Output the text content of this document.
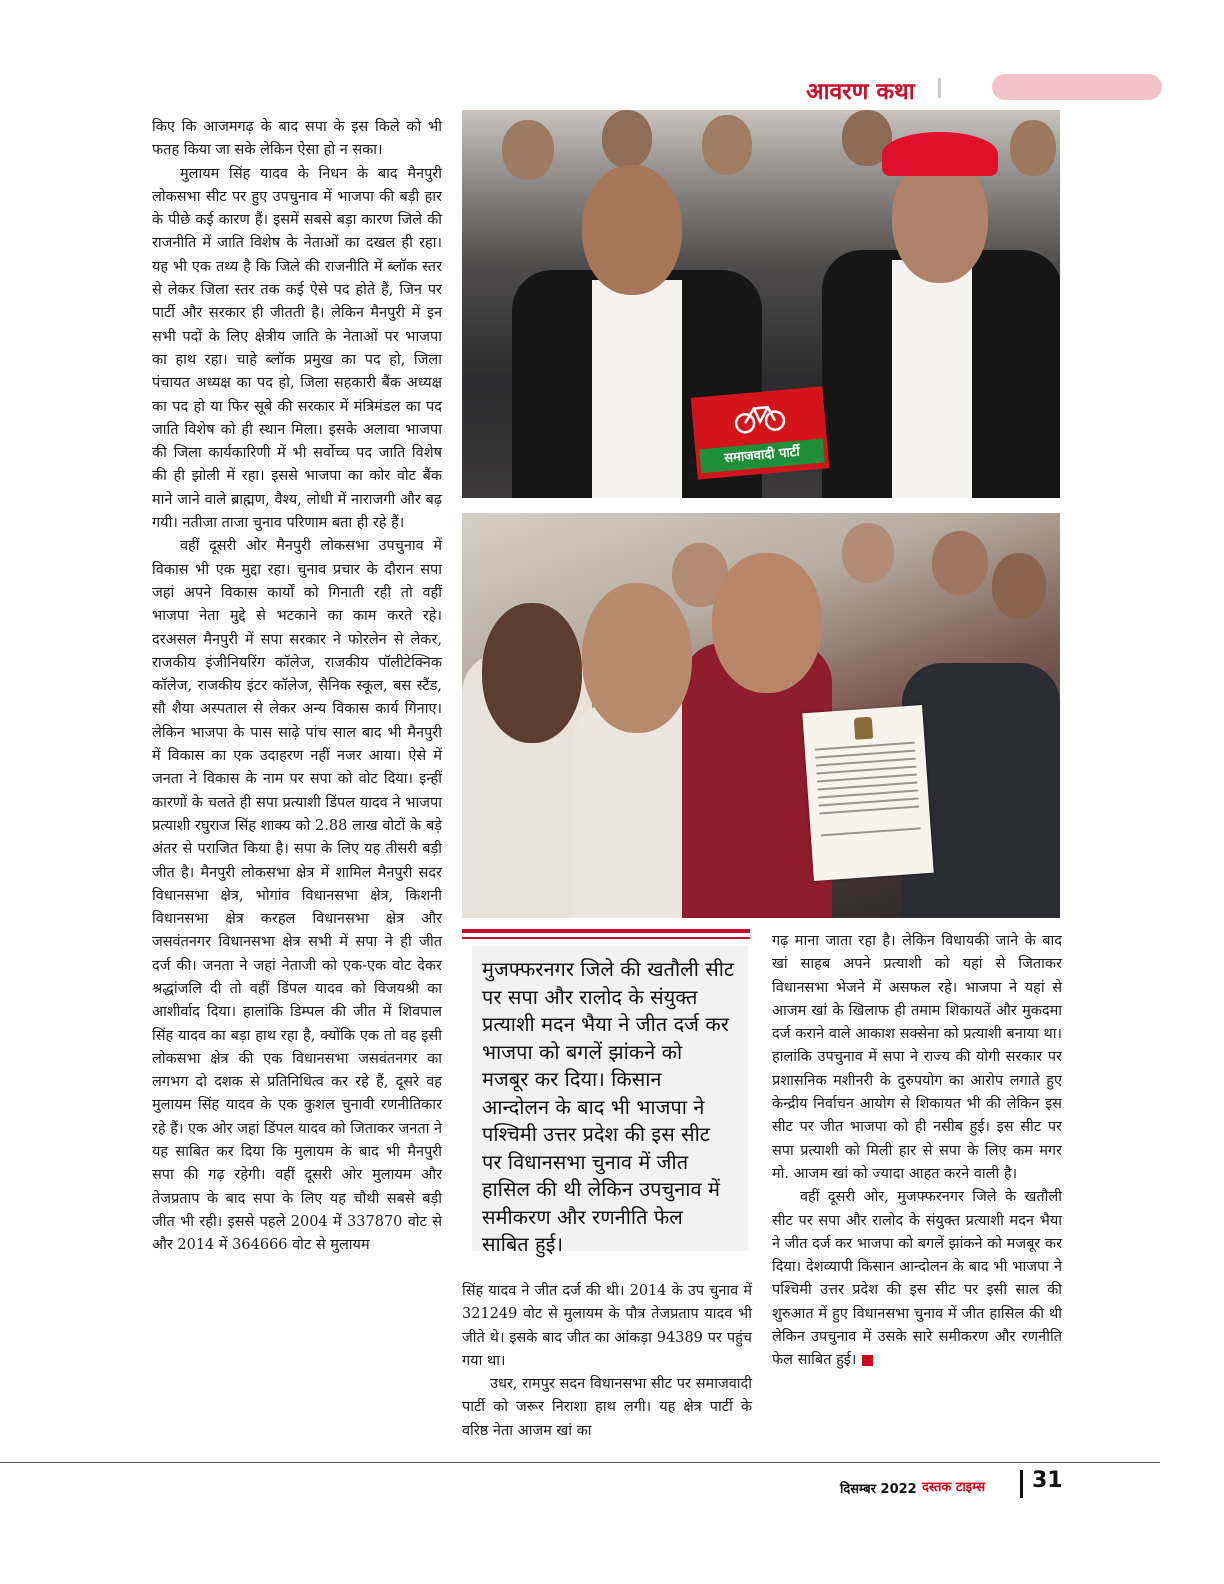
आवरण कथा

किए कि आजमगढ़ के बाद सपा के इस किले को भी फतह किया जा सके लेकिन ऐसा हो न सका।

मुलायम सिंह यादव के निधन के बाद मैनपुरी लोकसभा सीट पर हुए उपचुनाव में भाजपा की बड़ी हार के पीछे कई कारण हैं। इसमें सबसे बड़ा कारण जिले की राजनीति में जाति विशेष के नेताओं का दखल ही रहा। यह भी एक तथ्य है कि जिले की राजनीति में ब्लॉक स्तर से लेकर जिला स्तर तक कई ऐसे पद होते हैं, जिन पर पार्टी और सरकार ही जीतती है। लेकिन मैनपुरी में इन सभी पदों के लिए क्षेत्रीय जाति के नेताओं पर भाजपा का हाथ रहा। चाहे ब्लॉक प्रमुख का पद हो, जिला पंचायत अध्यक्ष का पद हो, जिला सहकारी बैंक अध्यक्ष का पद हो या फिर सूबे की सरकार में मंत्रिमंडल का पद जाति विशेष को ही स्थान मिला। इसके अलावा भाजपा की जिला कार्यकारिणी में भी सर्वोच्च पद जाति विशेष की ही झोली में रहा। इससे भाजपा का कोर वोट बैंक माने जाने वाले ब्राह्मण, वैश्य, लोधी में नाराजगी और बढ़ गयी। नतीजा ताजा चुनाव परिणाम बता ही रहे हैं।

वहीं दूसरी ओर मैनपुरी लोकसभा उपचुनाव में विकास भी एक मुद्दा रहा। चुनाव प्रचार के दौरान सपा जहां अपने विकास कार्यों को गिनाती रही तो वहीं भाजपा नेता मुद्दे से भटकाने का काम करते रहे। दरअसल मैनपुरी में सपा सरकार ने फोरलेन से लेकर, राजकीय इंजीनियरिंग कॉलेज, राजकीय पॉलीटेक्निक कॉलेज, राजकीय इंटर कॉलेज, सैनिक स्कूल, बस स्टैंड, सौ शैया अस्पताल से लेकर अन्य विकास कार्य गिनाए। लेकिन भाजपा के पास साढ़े पांच साल बाद भी मैनपुरी में विकास का एक उदाहरण नहीं नजर आया। ऐसे में जनता ने विकास के नाम पर सपा को वोट दिया। इन्हीं कारणों के चलते ही सपा प्रत्याशी डिंपल यादव ने भाजपा प्रत्याशी रघुराज सिंह शाक्य को 2.88 लाख वोटों के बड़े अंतर से पराजित किया है। सपा के लिए यह तीसरी बड़ी जीत है। मैनपुरी लोकसभा क्षेत्र में शामिल मैनपुरी सदर विधानसभा क्षेत्र, भोगांव विधानसभा क्षेत्र, किशनी विधानसभा क्षेत्र करहल विधानसभा क्षेत्र और जसवंतनगर विधानसभा क्षेत्र सभी में सपा ने ही जीत दर्ज की। जनता ने जहां नेताजी को एक-एक वोट देकर श्रद्धांजलि दी तो वहीं डिंपल यादव को विजयश्री का आशीर्वाद दिया। हालांकि डिम्पल की जीत में शिवपाल सिंह यादव का बड़ा हाथ रहा है, क्योंकि एक तो वह इसी लोकसभा क्षेत्र की एक विधानसभा जसवंतनगर का लगभग दो दशक से प्रतिनिधित्व कर रहे हैं, दूसरे वह मुलायम सिंह यादव के एक कुशल चुनावी रणनीतिकार रहे हैं। एक ओर जहां डिंपल यादव को जिताकर जनता ने यह साबित कर दिया कि मुलायम के बाद भी मैनपुरी सपा की गढ़ रहेगी। वहीं दूसरी ओर मुलायम और तेजप्रताप के बाद सपा के लिए यह चौथी सबसे बड़ी जीत भी रही। इससे पहले 2004 में 337870 वोट से और 2014 में 364666 वोट से मुलायम

समाजवादी पार्टी
मुजफ्फरनगर जिले की खतौली सीट पर सपा और रालोद के संयुक्त प्रत्याशी मदन भैया ने जीत दर्ज कर भाजपा को बगलें झांकने को मजबूर कर दिया। किसान आन्दोलन के बाद भी भाजपा ने पश्चिमी उत्तर प्रदेश की इस सीट पर विधानसभा चुनाव में जीत हासिल की थी लेकिन उपचुनाव में समीकरण और रणनीति फेल साबित हुई।

सिंह यादव ने जीत दर्ज की थी। 2014 के उप चुनाव में 321249 वोट से मुलायम के पौत्र तेजप्रताप यादव भी जीते थे। इसके बाद जीत का आंकड़ा 94389 पर पहुंच गया था।

उधर, रामपुर सदन विधानसभा सीट पर समाजवादी पार्टी को जरूर निराशा हाथ लगी। यह क्षेत्र पार्टी के वरिष्ठ नेता आजम खां का

गढ़ माना जाता रहा है। लेकिन विधायकी जाने के बाद खां साहब अपने प्रत्याशी को यहां से जिताकर विधानसभा भेजने में असफल रहे। भाजपा ने यहां से आजम खां के खिलाफ ही तमाम शिकायतें और मुकदमा दर्ज कराने वाले आकाश सक्सेना को प्रत्याशी बनाया था। हालांकि उपचुनाव में सपा ने राज्य की योगी सरकार पर प्रशासनिक मशीनरी के दुरुपयोग का आरोप लगाते हुए केन्द्रीय निर्वाचन आयोग से शिकायत भी की लेकिन इस सीट पर जीत भाजपा को ही नसीब हुई। इस सीट पर सपा प्रत्याशी को मिली हार से सपा के लिए कम मगर मो. आजम खां को ज्यादा आहत करने वाली है।

वहीं दूसरी ओर, मुजफ्फरनगर जिले के खतौली सीट पर सपा और रालोद के संयुक्त प्रत्याशी मदन भैया ने जीत दर्ज कर भाजपा को बगलें झांकने को मजबूर कर दिया। देशव्यापी किसान आन्दोलन के बाद भी भाजपा ने पश्चिमी उत्तर प्रदेश की इस सीट पर इसी साल की शुरुआत में हुए विधानसभा चुनाव में जीत हासिल की थी लेकिन उपचुनाव में उसके सारे समीकरण और रणनीति फेल साबित हुई।

दिसम्बर 2022 दस्तक टाइम्स 31
